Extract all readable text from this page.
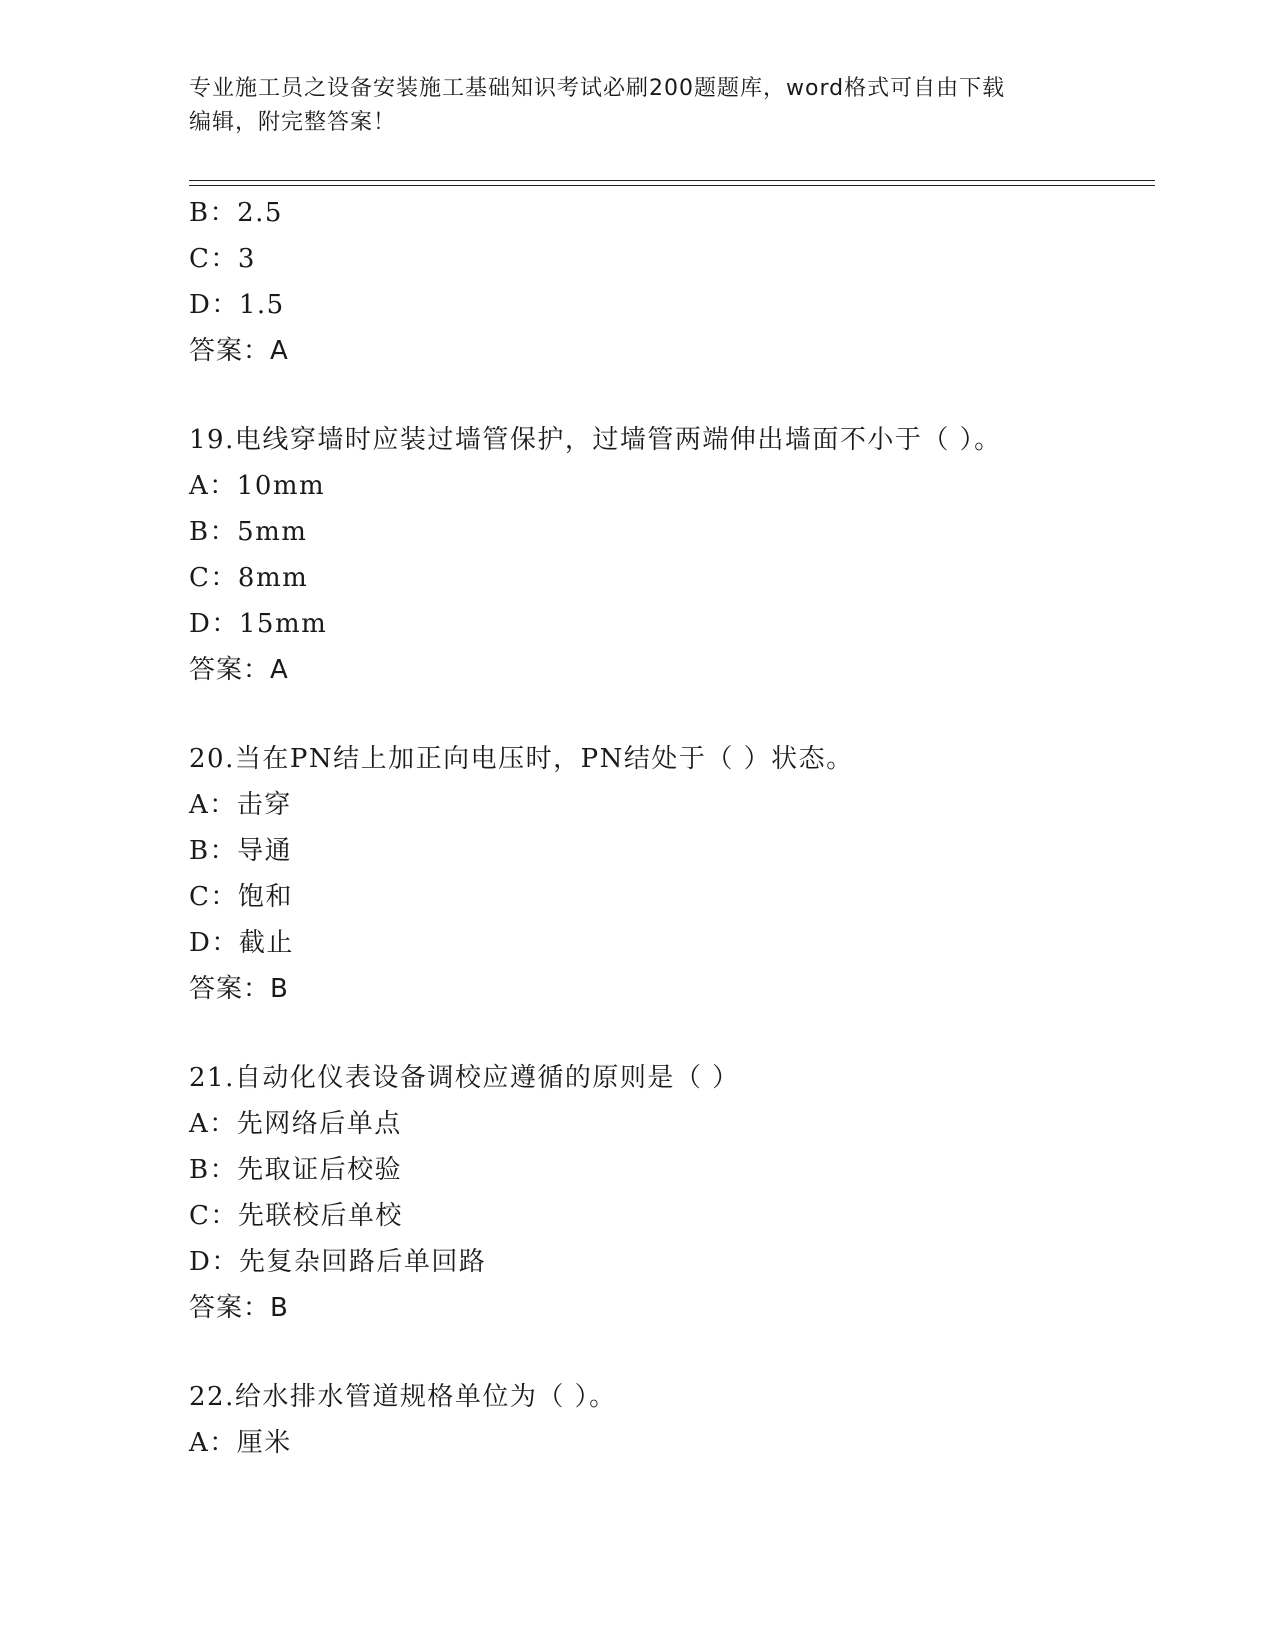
专业施工员之设备安装施工基础知识考试必刷200题题库，word格式可自由下载
编辑，附完整答案！
B：2.5
C：3
D：1.5
答案：A
19 . 电线穿墙时应装过墙管保护，过墙管两端伸出墙面不小于（ ）。
A：10mm
B：5mm
C：8mm
D：15mm
答案：A
20 . 当在PN结上加正向电压时，PN结处于（ ）状态。
A：击穿
B：导通
C：饱和
D：截止
答案：B
21 . 自动化仪表设备调校应遵循的原则是（ ）
A：先网络后单点
B：先取证后校验
C：先联校后单校
D：先复杂回路后单回路
答案：B
22 . 给水排水管道规格单位为（ ）。
A：厘米
